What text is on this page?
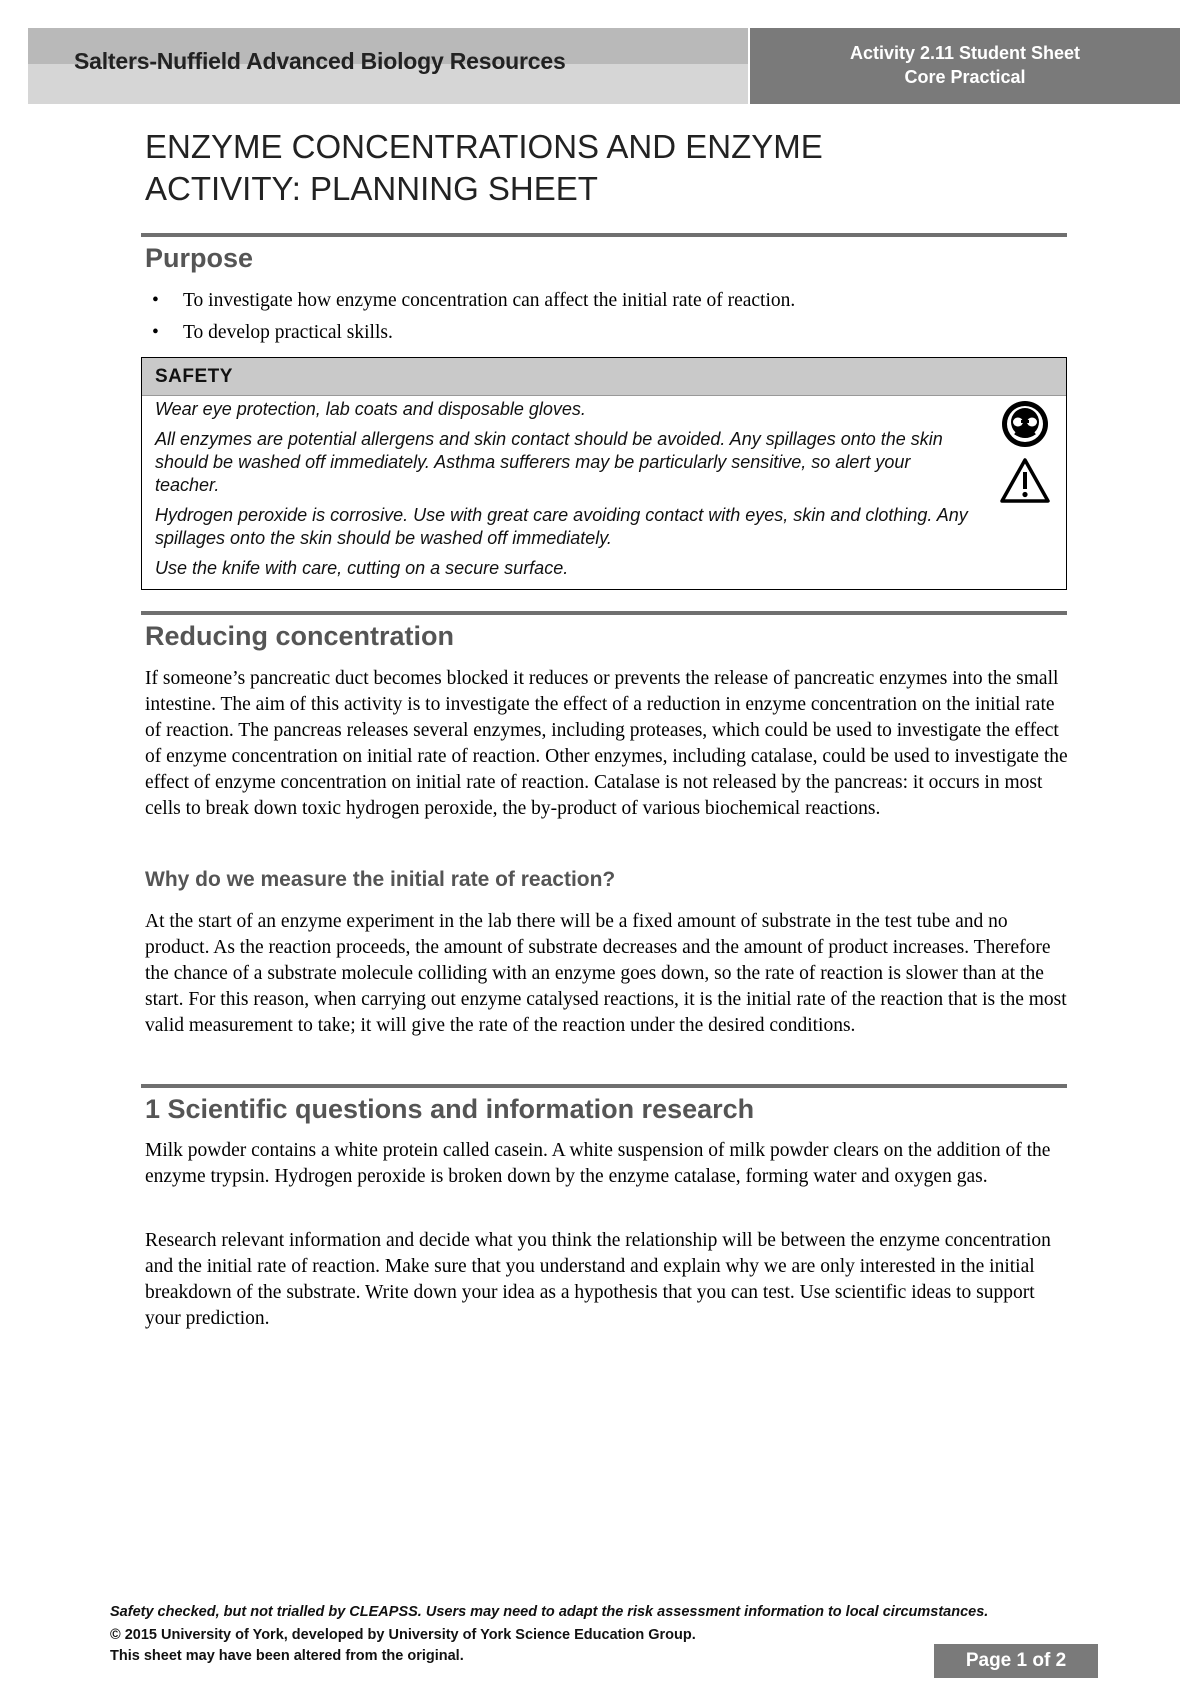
Salters-Nuffield Advanced Biology Resources	Activity 2.11 Student Sheet
Core Practical
ENZYME CONCENTRATIONS AND ENZYME
ACTIVITY: PLANNING SHEET
Purpose
• To investigate how enzyme concentration can affect the initial rate of reaction.
• To develop practical skills.
SAFETY

Wear eye protection, lab coats and disposable gloves.

All enzymes are potential allergens and skin contact should be avoided. Any spillages onto the skin should be washed off immediately. Asthma sufferers may be particularly sensitive, so alert your teacher.

Hydrogen peroxide is corrosive. Use with great care avoiding contact with eyes, skin and clothing. Any spillages onto the skin should be washed off immediately.

Use the knife with care, cutting on a secure surface.

Reducing concentration

If someone’s pancreatic duct becomes blocked it reduces or prevents the release of pancreatic enzymes into the small intestine. The aim of this activity is to investigate the effect of a reduction in enzyme concentration on the initial rate of reaction. The pancreas releases several enzymes, including proteases, which could be used to investigate the effect of enzyme concentration on initial rate of reaction. Other enzymes, including catalase, could be used to investigate the effect of enzyme concentration on initial rate of reaction. Catalase is not released by the pancreas: it occurs in most cells to break down toxic hydrogen peroxide, the by-product of various biochemical reactions.

Why do we measure the initial rate of reaction?

At the start of an enzyme experiment in the lab there will be a fixed amount of substrate in the test tube and no product. As the reaction proceeds, the amount of substrate decreases and the amount of product increases. Therefore the chance of a substrate molecule colliding with an enzyme goes down, so the rate of reaction is slower than at the start. For this reason, when carrying out enzyme catalysed reactions, it is the initial rate of the reaction that is the most valid measurement to take; it will give the rate of the reaction under the desired conditions.

1 Scientific questions and information research

Milk powder contains a white protein called casein. A white suspension of milk powder clears on the addition of the enzyme trypsin. Hydrogen peroxide is broken down by the enzyme catalase, forming water and oxygen gas.

Research relevant information and decide what you think the relationship will be between the enzyme concentration and the initial rate of reaction. Make sure that you understand and explain why we are only interested in the initial breakdown of the substrate. Write down your idea as a hypothesis that you can test. Use scientific ideas to support your prediction.

Safety checked, but not trialled by CLEAPSS. Users may need to adapt the risk assessment information to local circumstances.

© 2015 University of York, developed by University of York Science Education Group.

This sheet may have been altered from the original.	Page 1 of 2
